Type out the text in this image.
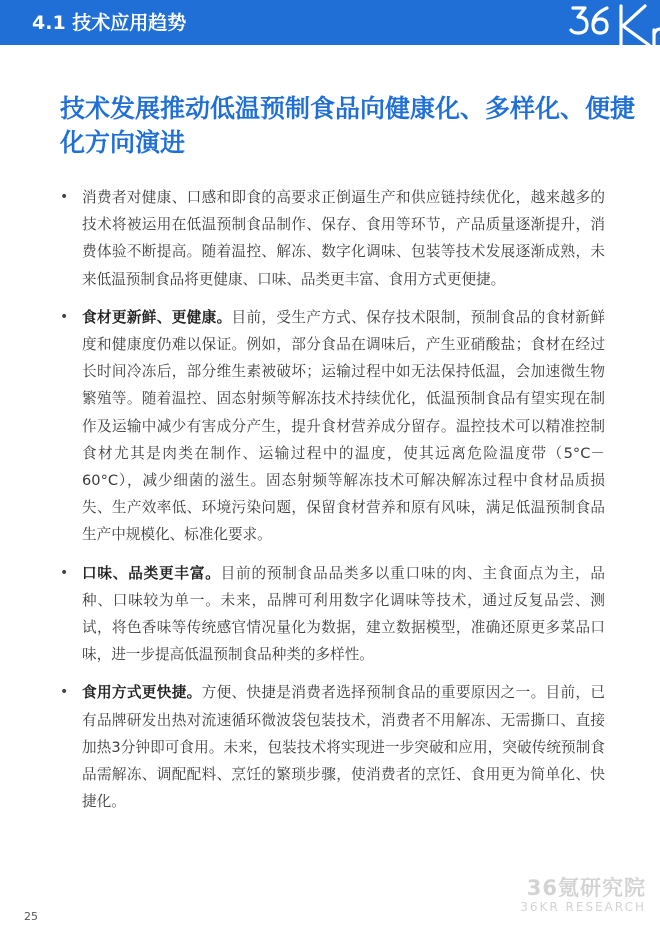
4.1 技术应用趋势
技术发展推动低温预制食品向健康化、多样化、便捷化方向演进
• 消费者对健康、口感和即食的高要求正倒逼生产和供应链持续优化，越来越多的技术将被运用在低温预制食品制作、保存、食用等环节，产品质量逐渐提升，消费体验不断提高。随着温控、解冻、数字化调味、包装等技术发展逐渐成熟，未来低温预制食品将更健康、口味、品类更丰富、食用方式更便捷。
• 食材更新鲜、更健康。目前，受生产方式、保存技术限制，预制食品的食材新鲜度和健康度仍难以保证。例如，部分食品在调味后，产生亚硝酸盐；食材在经过长时间冷冻后，部分维生素被破坏；运输过程中如无法保持低温，会加速微生物繁殖等。随着温控、固态射频等解冻技术持续优化，低温预制食品有望实现在制作及运输中减少有害成分产生，提升食材营养成分留存。温控技术可以精准控制食材尤其是肉类在制作、运输过程中的温度，使其远离危险温度带（5°C－60°C），减少细菌的滋生。固态射频等解冻技术可解决解冻过程中食材品质损失、生产效率低、环境污染问题，保留食材营养和原有风味，满足低温预制食品生产中规模化、标准化要求。
• 口味、品类更丰富。目前的预制食品品类多以重口味的肉、主食面点为主，品种、口味较为单一。未来，品牌可利用数字化调味等技术，通过反复品尝、测试，将色香味等传统感官情况量化为数据，建立数据模型，准确还原更多菜品口味，进一步提高低温预制食品种类的多样性。
• 食用方式更快捷。方便、快捷是消费者选择预制食品的重要原因之一。目前，已有品牌研发出热对流速循环微波袋包装技术，消费者不用解冻、无需撕口、直接加热3分钟即可食用。未来，包装技术将实现进一步突破和应用，突破传统预制食品需解冻、调配配料、烹饪的繁琐步骤，使消费者的烹饪、食用更为简单化、快捷化。
25
36氪研究院
36KR RESEARCH
